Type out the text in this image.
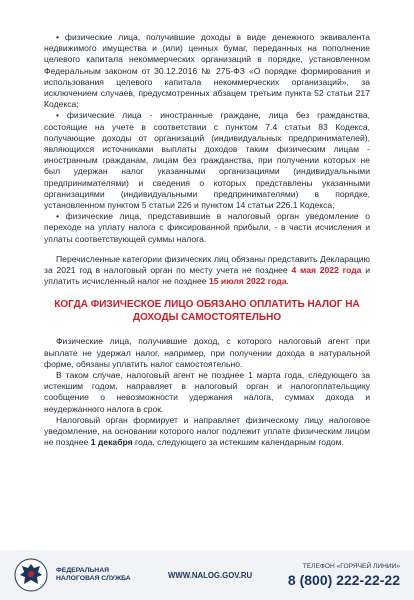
• физические лица, получившие доходы в виде денежного эквивалента недвижимого имущества и (или) ценных бумаг, переданных на пополнение целевого капитала некоммерческих организаций в порядке, установленном Федеральным законом от 30.12.2016 № 275-ФЗ «О порядке формирования и использования целевого капитала некоммерческих организаций», за исключением случаев, предусмотренных абзацем третьим пункта 52 статьи 217 Кодекса;

• физические лица - иностранные граждане, лица без гражданства, состоящие на учете в соответствии с пунктом 7.4 статьи 83 Кодекса, получающие доходы от организаций (индивидуальных предпринимателей), являющихся источниками выплаты доходов таким физическим лицам - иностранным гражданам, лицам без гражданства, при получении которых не был удержан налог указанными организациями (индивидуальными предпринимателями) и сведения о которых представлены указанными организациями (индивидуальными предпринимателями) в порядке, установленном пунктом 5 статьи 226 и пунктом 14 статьи 226.1 Кодекса;

• физические лица, представившие в налоговый орган уведомление о переходе на уплату налога с фиксированной прибыли, - в части исчисления и уплаты соответствующей суммы налога.

Перечисленные категории физических лиц обязаны представить Декларацию за 2021 год в налоговый орган по месту учета не позднее 4 мая 2022 года и уплатить исчисленный налог не позднее 15 июля 2022 года.

КОГДА ФИЗИЧЕСКОЕ ЛИЦО ОБЯЗАНО ОПЛАТИТЬ НАЛОГ НА ДОХОДЫ САМОСТОЯТЕЛЬНО

Физические лица, получившие доход, с которого налоговый агент при выплате не удержал налог, например, при получении дохода в натуральной форме, обязаны уплатить налог самостоятельно.

В таком случае, налоговый агент не позднее 1 марта года, следующего за истекшим годом, направляет в налоговый орган и налогоплательщику сообщение о невозможности удержания налога, суммах дохода и неудержанного налога в срок.

Налоговый орган формирует и направляет физическому лицу налоговое уведомление, на основании которого налог подлежит уплате физическим лицом не позднее 1 декабря года, следующего за истекшим календарным годом.

ФЕДЕРАЛЬНАЯ НАЛОГОВАЯ СЛУЖБА	WWW.NALOG.GOV.RU
ТЕЛЕФОН «ГОРЯЧЕЙ ЛИНИИ»
8 (800) 222-22-22
